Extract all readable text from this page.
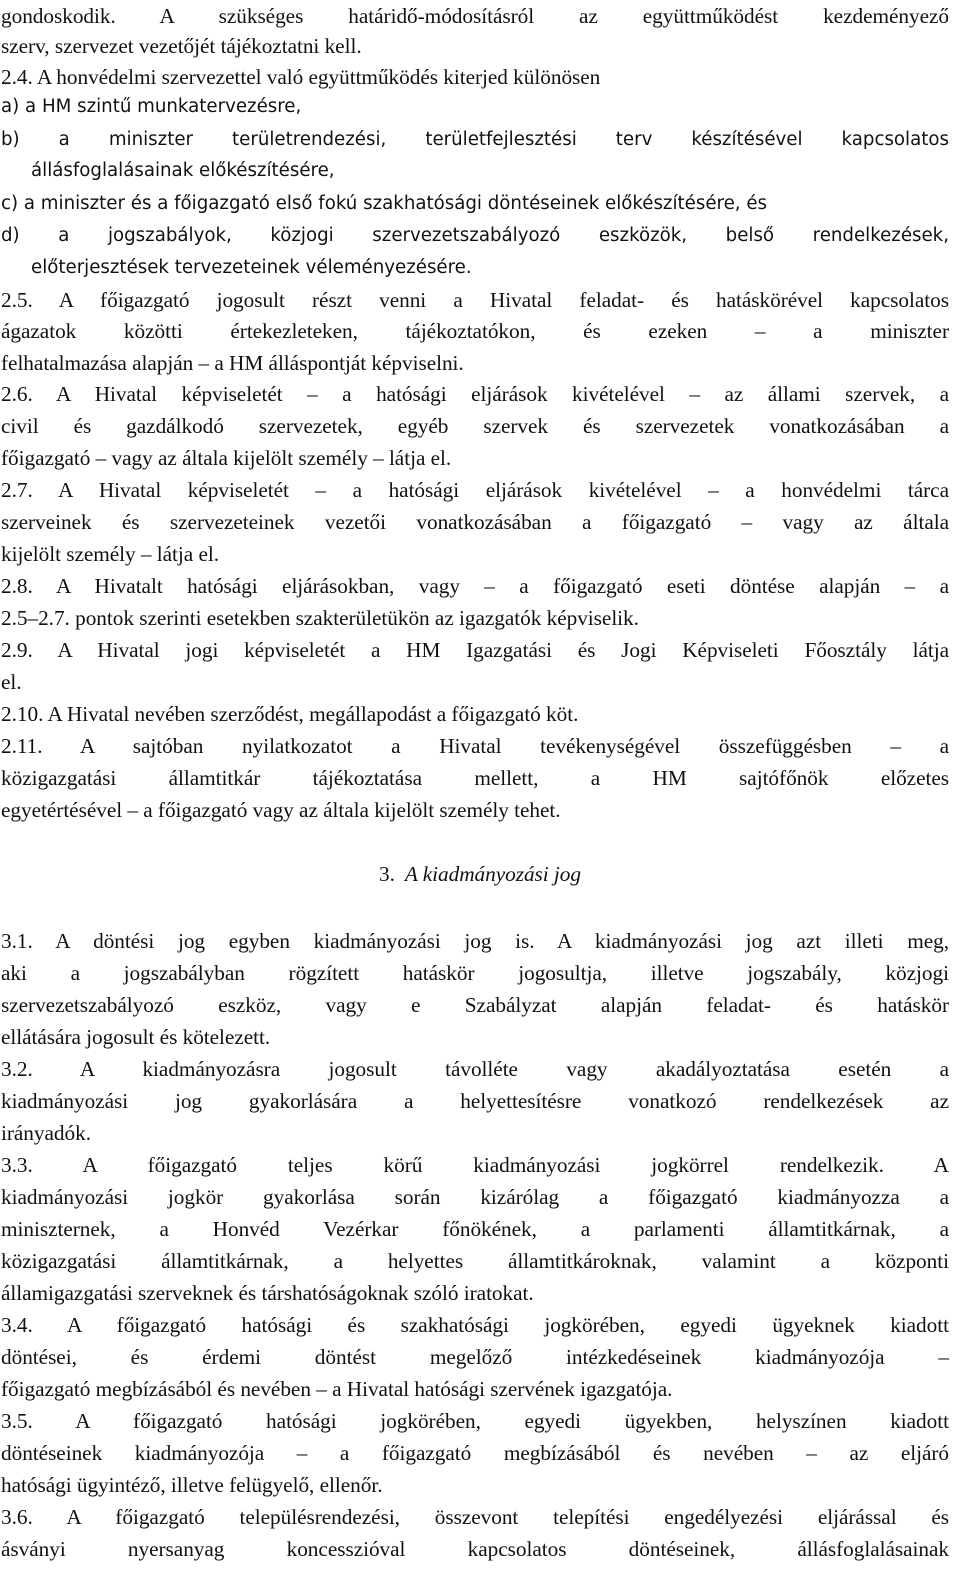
gondoskodik. A szükséges határidő-módosításról az együttműködést kezdeményező
szerv, szervezet vezetőjét tájékoztatni kell.
2.4. A honvédelmi szervezettel való együttműködés kiterjed különösen
a) a HM szintű munkatervezésre,
b) a miniszter területrendezési, területfejlesztési terv készítésével kapcsolatos
állásfoglalásainak előkészítésére,
c) a miniszter és a főigazgató első fokú szakhatósági döntéseinek előkészítésére, és
d) a jogszabályok, közjogi szervezetszabályozó eszközök, belső rendelkezések,
előterjesztések tervezeteinek véleményezésére.
2.5. A főigazgató jogosult részt venni a Hivatal feladat- és hatáskörével kapcsolatos
ágazatok közötti értekezleteken, tájékoztatókon, és ezeken – a miniszter
felhatalmazása alapján – a HM álláspontját képviselni.
2.6. A Hivatal képviseletét – a hatósági eljárások kivételével – az állami szervek, a
civil és gazdálkodó szervezetek, egyéb szervek és szervezetek vonatkozásában a
főigazgató – vagy az általa kijelölt személy – látja el.
2.7. A Hivatal képviseletét – a hatósági eljárások kivételével – a honvédelmi tárca
szerveinek és szervezeteinek vezetői vonatkozásában a főigazgató – vagy az általa
kijelölt személy – látja el.
2.8. A Hivatalt hatósági eljárásokban, vagy – a főigazgató eseti döntése alapján – a
2.5–2.7. pontok szerinti esetekben szakterületükön az igazgatók képviselik.
2.9. A Hivatal jogi képviseletét a HM Igazgatási és Jogi Képviseleti Főosztály látja
el.
2.10. A Hivatal nevében szerződést, megállapodást a főigazgató köt.
2.11. A sajtóban nyilatkozatot a Hivatal tevékenységével összefüggésben – a
közigazgatási államtitkár tájékoztatása mellett, a HM sajtófőnök előzetes
egyetértésével – a főigazgató vagy az általa kijelölt személy tehet.
3. A kiadmányozási jog
3.1. A döntési jog egyben kiadmányozási jog is. A kiadmányozási jog azt illeti meg,
aki a jogszabályban rögzített hatáskör jogosultja, illetve jogszabály, közjogi
szervezetszabályozó eszköz, vagy e Szabályzat alapján feladat- és hatáskör
ellátására jogosult és kötelezett.
3.2. A kiadmányozásra jogosult távolléte vagy akadályoztatása esetén a
kiadmányozási jog gyakorlására a helyettesítésre vonatkozó rendelkezések az
irányadók.
3.3. A főigazgató teljes körű kiadmányozási jogkörrel rendelkezik. A
kiadmányozási jogkör gyakorlása során kizárólag a főigazgató kiadmányozza a
miniszternek, a Honvéd Vezérkar főnökének, a parlamenti államtitkárnak, a
közigazgatási államtitkárnak, a helyettes államtitkároknak, valamint a központi
államigazgatási szerveknek és társhatóságoknak szóló iratokat.
3.4. A főigazgató hatósági és szakhatósági jogkörében, egyedi ügyeknek kiadott
döntései, és érdemi döntést megelőző intézkedéseinek kiadmányozója –
főigazgató megbízásából és nevében – a Hivatal hatósági szervének igazgatója.
3.5. A főigazgató hatósági jogkörében, egyedi ügyekben, helyszínen kiadott
döntéseinek kiadmányozója – a főigazgató megbízásából és nevében – az eljáró
hatósági ügyintéző, illetve felügyelő, ellenőr.
3.6. A főigazgató településrendezési, összevont telepítési engedélyezési eljárással és
ásványi nyersanyag koncesszióval kapcsolatos döntéseinek, állásfoglalásainak
